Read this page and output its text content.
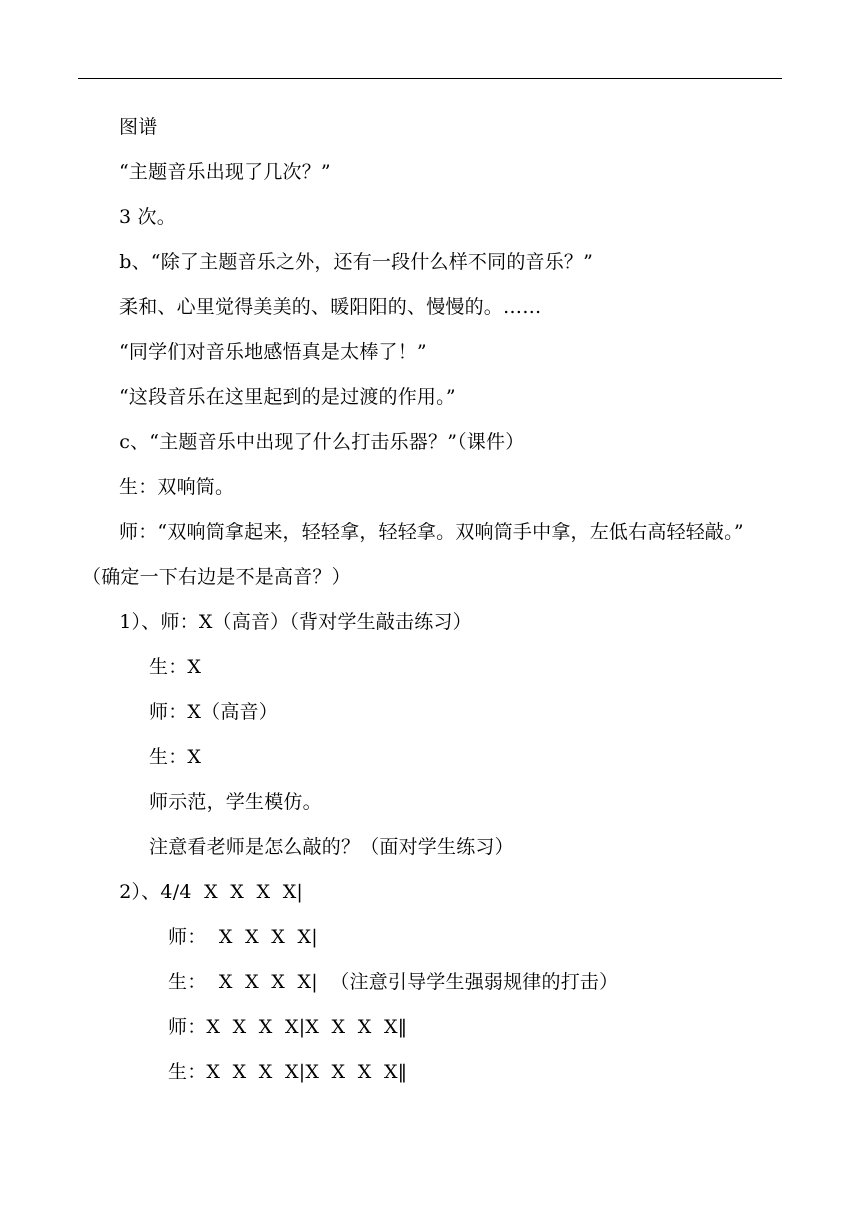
图谱
“主题音乐出现了几次？”
3 次。
b、“除了主题音乐之外，还有一段什么样不同的音乐？”
柔和、心里觉得美美的、暖阳阳的、慢慢的。……
“同学们对音乐地感悟真是太棒了！”
“这段音乐在这里起到的是过渡的作用。”
c、“主题音乐中出现了什么打击乐器？”（课件）
生：双响筒。
师：“双响筒拿起来，轻轻拿，轻轻拿。双响筒手中拿，左低右高轻轻敲。”
（确定一下右边是不是高音？）
1）、师：X（高音）（背对学生敲击练习）
生：X
师：X（高音）
生：X
师示范，学生模仿。
注意看老师是怎么敲的？（面对学生练习）
2）、4/4  X  X  X  X|
师：  X  X  X  X|
生：  X  X  X  X|  （注意引导学生强弱规律的打击）
师：X  X  X  X|X  X  X  X‖
生：X  X  X  X|X  X  X  X‖
